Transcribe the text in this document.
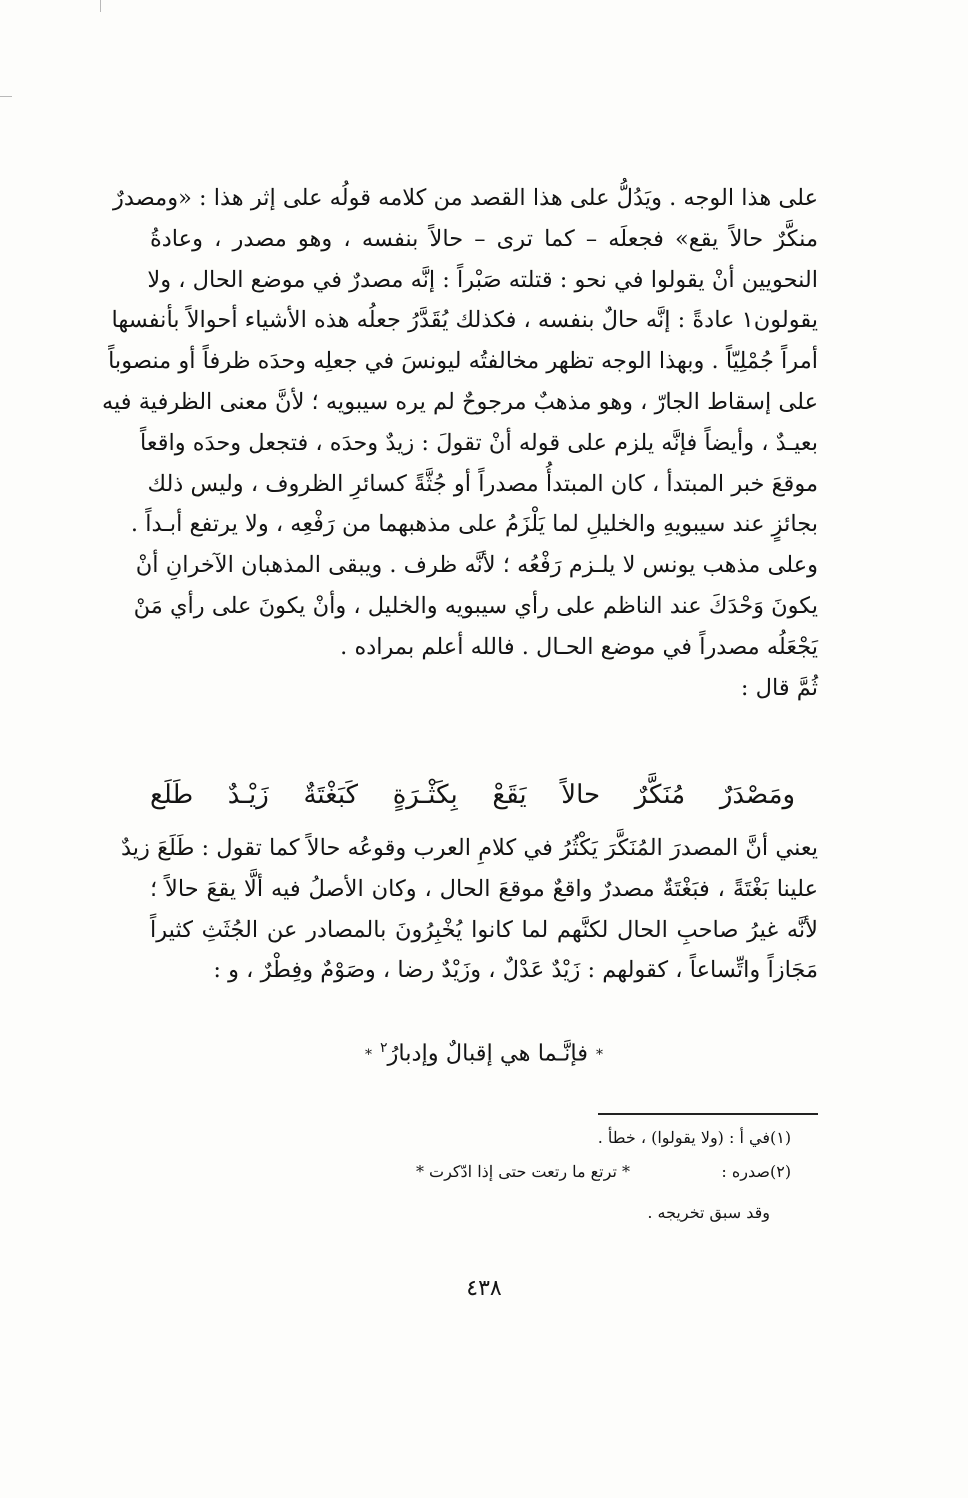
على هذا الوجه . ويَدُلُّ على هذا القصد من كلامه قولُه على إثر هذا : «ومصدرٌ
منكَّرٌ حالاً يقع» فجعلَه – كما ترى – حالاً بنفسه ، وهو مصدر ، وعادةُ
النحويين أنْ يقولوا في نحو : قتلته صَبْراً : إنَّه مصدرٌ في موضع الحال ، ولا
يقولون١ عادةً : إنَّه حالٌ بنفسه ، فكذلك يُقَدَّرُ جعلُه هذه الأشياء أحوالاً بأنفسها
أمراً جُمْلِيّاً . وبهذا الوجه تظهر مخالفتُه ليونسَ في جعلِه وحدَه ظرفاً أو منصوباً
على إسقاط الجارّ ، وهو مذهبٌ مرجوحٌ لم يره سيبويه ؛ لأنَّ معنى الظرفية فيه
بعيـدٌ ، وأيضاً فإنَّه يلزم على قوله أنْ تقولَ : زيدٌ وحدَه ، فتجعل وحدَه واقعاً
موقعَ خبر المبتدأ ، كان المبتدأُ مصدراً أو جُثَّةً كسائرِ الظروف ، وليس ذلك
بجائزٍ عند سيبويهِ والخليلِ لما يَلْزَمُ على مذهبهما من رَفْعِه ، ولا يرتفع أبـداً .
وعلى مذهب يونس لا يلـزم رَفْعُه ؛ لأنَّه ظرف . ويبقى المذهبان الآخرانِ أنْ
يكونَ وَحْدَكَ عند الناظم على رأي سيبويه والخليل ، وأنْ يكونَ على رأي مَنْ
يَجْعَلُه مصدراً في موضع الحـال . فالله أعلم بمراده .
ثُمَّ قال :
ومَصْدَرٌ مُنَكَّرٌ حالاً يَقَعْ بِكَثْـرَةٍ كَبَغْتَةٌ زَيْـدٌ طَلَع
يعني أنَّ المصدرَ المُنَكَّرَ يَكْثُرُ في كلامِ العرب وقوعُه حالاً كما تقول : طَلَعَ زيدٌ
علينا بَغْتَةً ، فبَغْتَةٌ مصدرٌ واقعٌ موقعَ الحال ، وكان الأصلُ فيه ألَّا يقعَ حالاً ؛
لأنَّه غيرُ صاحبِ الحال لكنَّهم لما كانوا يُخْبِرُونَ بالمصادر عن الجُثَثِ كثيراً
مَجَازاً واتِّساعاً ، كقولهم : زَيْدٌ عَدْلٌ ، وزَيْدٌ رضا ، وصَوْمٌ وفِطْرٌ ، و :
*فإنَّـما هي إقبالٌ وإدبارُ$^٢$*
(١)
في أ : (ولا يقولوا) ، خطأ .
(٢)
صدره :
* ترتع ما رتعت حتى إذا ادّكرت *
وقد سبق تخريجه .
٤٣٨
